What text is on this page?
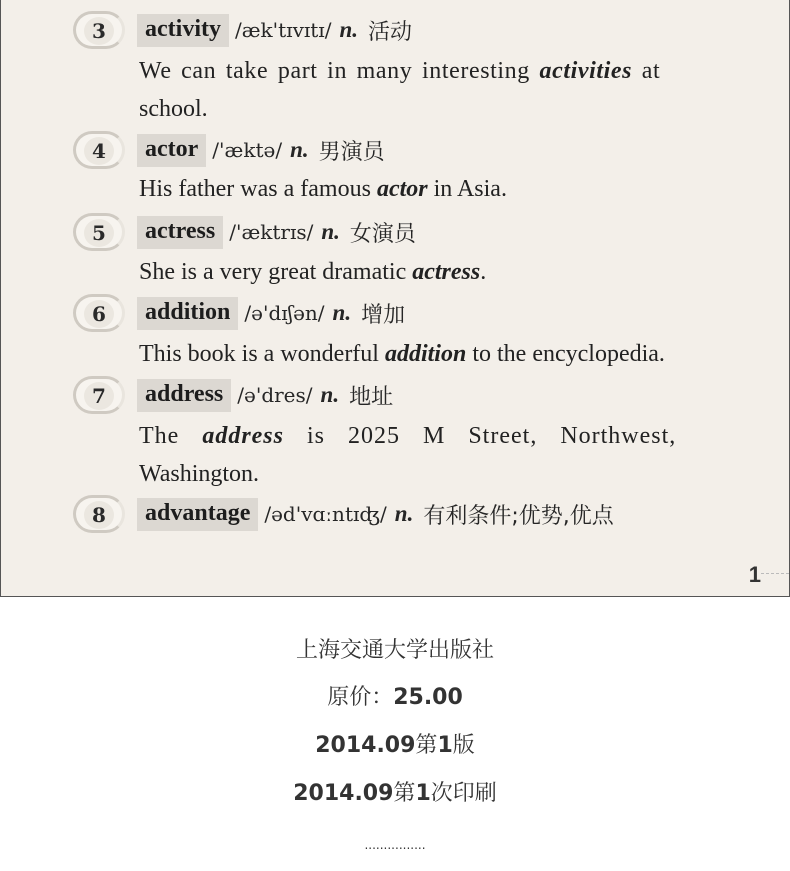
3	activity /æk'tɪvɪtɪ/ n. 活动
We can take part in many interesting activities at
school.
4	actor /'æktə/ n. 男演员
His father was a famous actor in Asia.
5	actress /'æktrɪs/ n. 女演员
She is a very great dramatic actress.
6	addition /ə'dɪʃən/ n. 增加
This book is a wonderful addition to the encyclopedia.
7	address /ə'dres/ n. 地址
The address is 2025 M Street, Northwest,
Washington.
8	advantage /əd'vɑːntɪʤ/ n. 有利条件;优势,优点
1
上海交通大学出版社
原价：25.00
2014.09第1版
2014.09第1次印刷
................
